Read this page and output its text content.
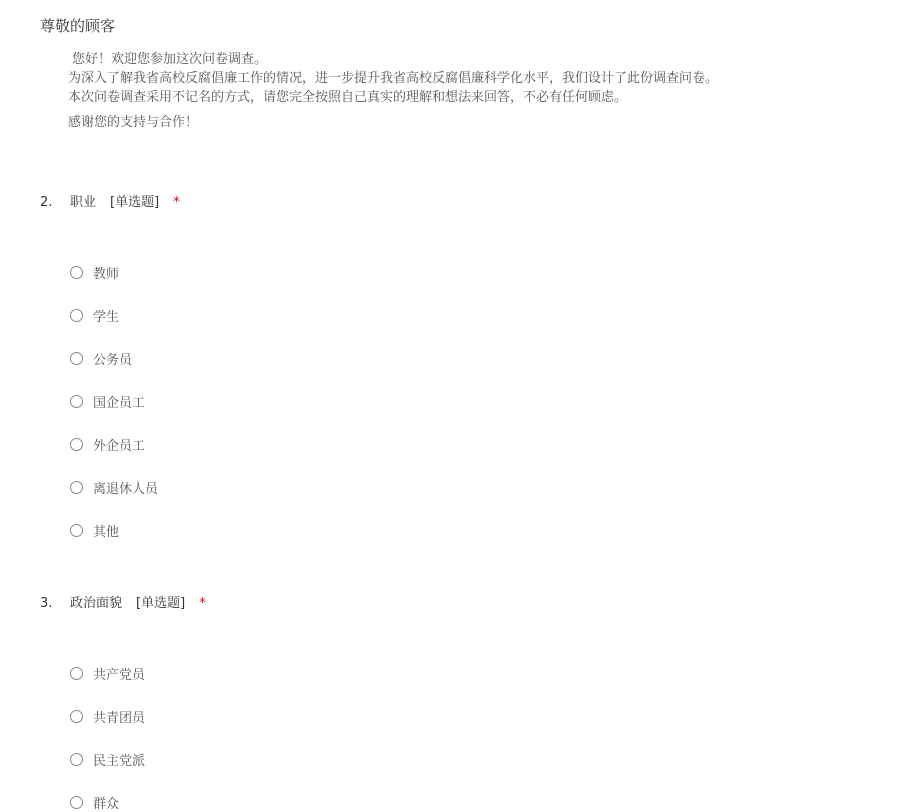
尊敬的顾客
您好！欢迎您参加这次问卷调查。
为深入了解我省高校反腐倡廉工作的情况，进一步提升我省高校反腐倡廉科学化水平，我们设计了此份调查问卷。
本次问卷调查采用不记名的方式，请您完全按照自己真实的理解和想法来回答，不必有任何顾虑。
感谢您的支持与合作！
2. 职业 [单选题] *
教师
学生
公务员
国企员工
外企员工
离退休人员
其他
3. 政治面貌 [单选题] *
共产党员
共青团员
民主党派
群众
